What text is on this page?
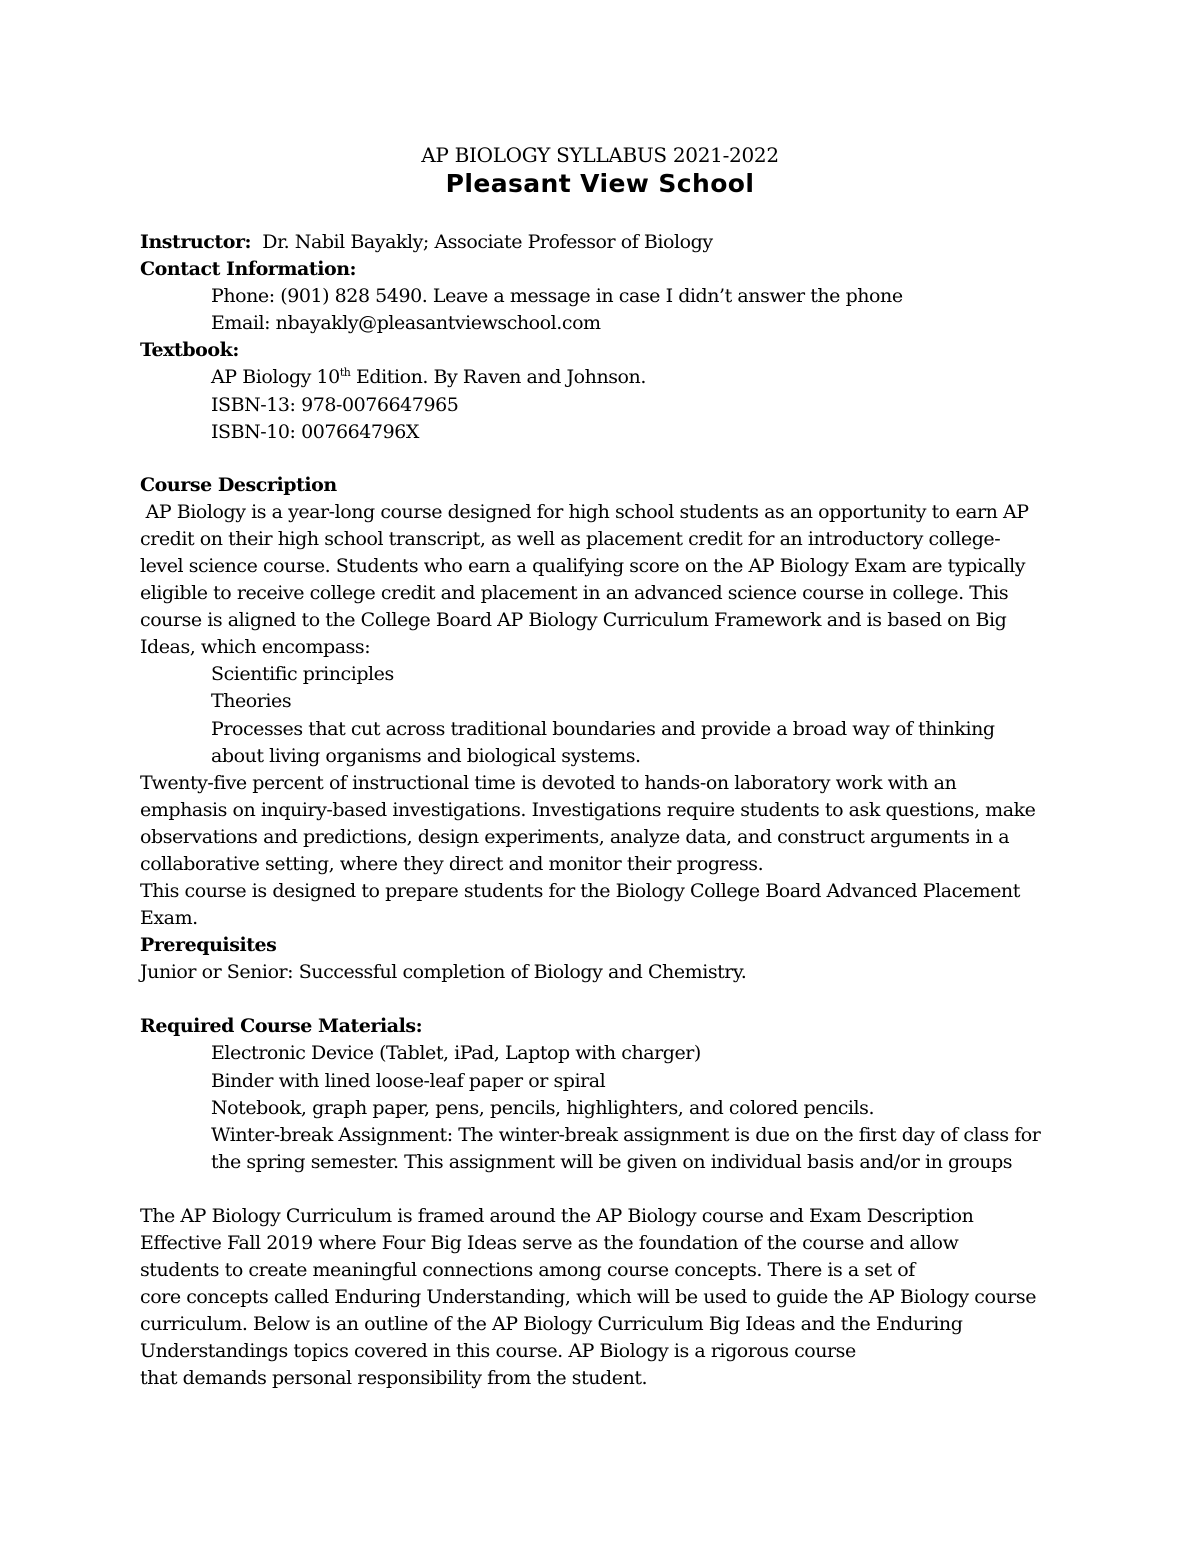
AP BIOLOGY SYLLABUS 2021-2022
Pleasant View School
Instructor: Dr. Nabil Bayakly; Associate Professor of Biology
Contact Information:
Phone: (901) 828 5490. Leave a message in case I didn’t answer the phone
Email: nbayakly@pleasantviewschool.com
Textbook:
AP Biology 10th Edition. By Raven and Johnson.
ISBN-13: 978-0076647965
ISBN-10: 007664796X
Course Description
AP Biology is a year-long course designed for high school students as an opportunity to earn AP
credit on their high school transcript, as well as placement credit for an introductory college-
level science course. Students who earn a qualifying score on the AP Biology Exam are typically
eligible to receive college credit and placement in an advanced science course in college. This
course is aligned to the College Board AP Biology Curriculum Framework and is based on Big
Ideas, which encompass:
Scientific principles
Theories
Processes that cut across traditional boundaries and provide a broad way of thinking
about living organisms and biological systems.
Twenty-five percent of instructional time is devoted to hands-on laboratory work with an
emphasis on inquiry-based investigations. Investigations require students to ask questions, make
observations and predictions, design experiments, analyze data, and construct arguments in a
collaborative setting, where they direct and monitor their progress.
This course is designed to prepare students for the Biology College Board Advanced Placement
Exam.
Prerequisites
Junior or Senior: Successful completion of Biology and Chemistry.
Required Course Materials:
Electronic Device (Tablet, iPad, Laptop with charger)
Binder with lined loose-leaf paper or spiral
Notebook, graph paper, pens, pencils, highlighters, and colored pencils.
Winter-break Assignment: The winter-break assignment is due on the first day of class for
the spring semester. This assignment will be given on individual basis and/or in groups
The AP Biology Curriculum is framed around the AP Biology course and Exam Description
Effective Fall 2019 where Four Big Ideas serve as the foundation of the course and allow
students to create meaningful connections among course concepts. There is a set of
core concepts called Enduring Understanding, which will be used to guide the AP Biology course
curriculum. Below is an outline of the AP Biology Curriculum Big Ideas and the Enduring
Understandings topics covered in this course. AP Biology is a rigorous course
that demands personal responsibility from the student.
